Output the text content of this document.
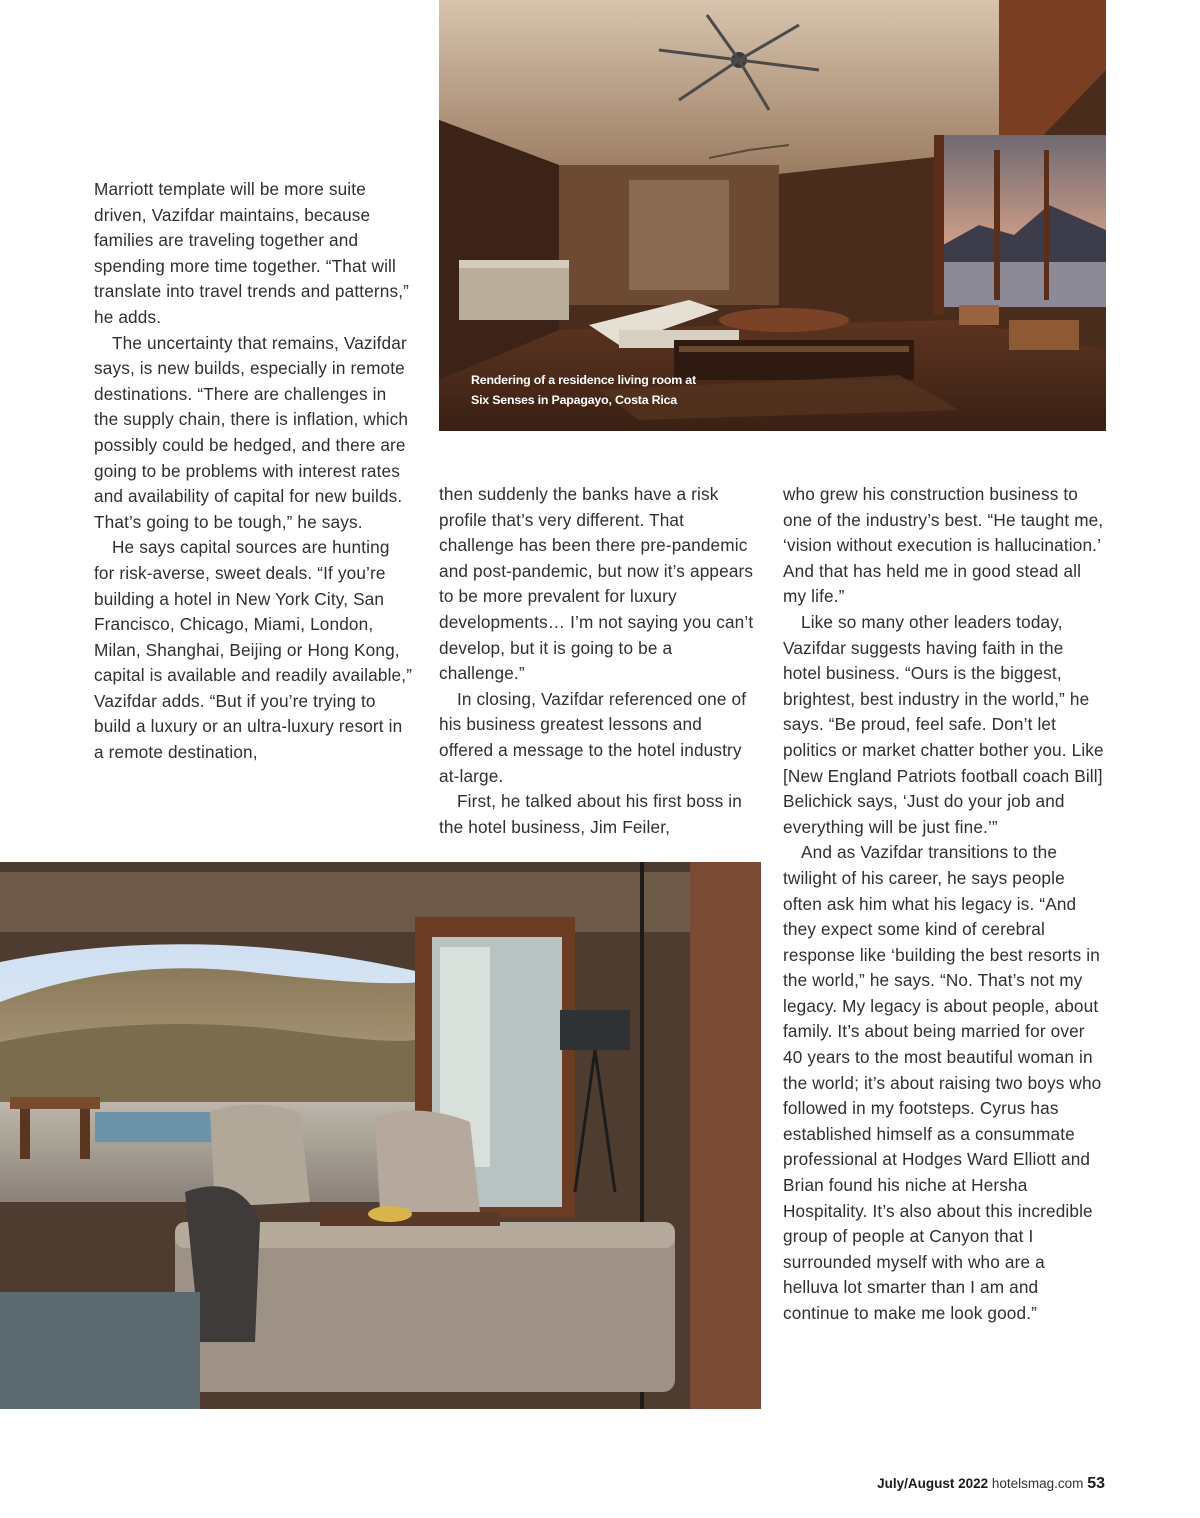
Marriott template will be more suite driven, Vazifdar maintains, because families are traveling together and spending more time together. “That will translate into travel trends and patterns,” he adds.

The uncertainty that remains, Vazifdar says, is new builds, especially in remote destinations. “There are challenges in the supply chain, there is inflation, which possibly could be hedged, and there are going to be problems with interest rates and availability of capital for new builds. That’s going to be tough,” he says.

He says capital sources are hunting for risk-averse, sweet deals. “If you’re building a hotel in New York City, San Francisco, Chicago, Miami, London, Milan, Shanghai, Beijing or Hong Kong, capital is available and readily available,” Vazifdar adds. “But if you’re trying to build a luxury or an ultra-luxury resort in a remote destination,

Rendering of a residence living room at
Six Senses in Papagayo, Costa Rica

then suddenly the banks have a risk profile that’s very different. That challenge has been there pre-pandemic and post-pandemic, but now it’s appears to be more prevalent for luxury developments… I’m not saying you can’t develop, but it is going to be a challenge.”

In closing, Vazifdar referenced one of his business greatest lessons and offered a message to the hotel industry at-large.

First, he talked about his first boss in the hotel business, Jim Feiler,

who grew his construction business to one of the industry’s best. “He taught me, ‘vision without execution is hallucination.’ And that has held me in good stead all my life.”

Like so many other leaders today, Vazifdar suggests having faith in the hotel business. “Ours is the biggest, brightest, best industry in the world,” he says. “Be proud, feel safe. Don’t let politics or market chatter bother you. Like [New England Patriots football coach Bill] Belichick says, ‘Just do your job and everything will be just fine.’”

And as Vazifdar transitions to the twilight of his career, he says people often ask him what his legacy is. “And they expect some kind of cerebral response like ‘building the best resorts in the world,” he says. “No. That’s not my legacy. My legacy is about people, about family. It’s about being married for over 40 years to the most beautiful woman in the world; it’s about raising two boys who followed in my footsteps. Cyrus has established himself as a consummate professional at Hodges Ward Elliott and Brian found his niche at Hersha Hospitality. It’s also about this incredible group of people at Canyon that I surrounded myself with who are a helluva lot smarter than I am and continue to make me look good.”

July/August 2022 hotelsmag.com 53
